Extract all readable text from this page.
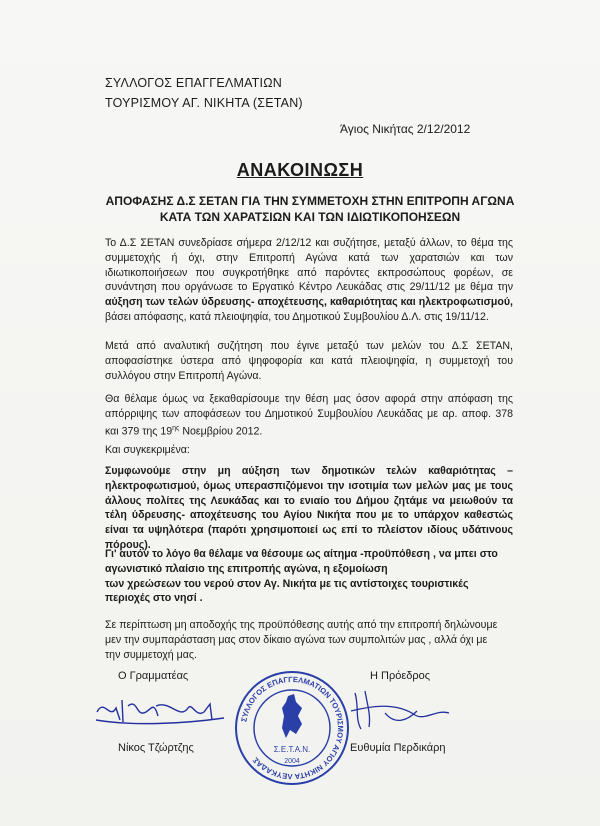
ΣΥΛΛΟΓΟΣ ΕΠΑΓΓΕΛΜΑΤΙΩΝ
ΤΟΥΡΙΣΜΟΥ ΑΓ. ΝΙΚΗΤΑ (ΣΕΤΑΝ)
Άγιος Νικήτας 2/12/2012
ΑΝΑΚΟΙΝΩΣΗ
ΑΠΟΦΑΣΗΣ Δ.Σ ΣΕΤΑΝ ΓΙΑ ΤΗΝ ΣΥΜΜΕΤΟΧΗ ΣΤΗΝ ΕΠΙΤΡΟΠΗ ΑΓΩΝΑ
ΚΑΤΑ ΤΩΝ ΧΑΡΑΤΣΙΩΝ ΚΑΙ ΤΩΝ ΙΔΙΩΤΙΚΟΠΟΗΣΕΩΝ
Το Δ.Σ ΣΕΤΑΝ συνεδρίασε σήμερα 2/12/12 και συζήτησε, μεταξύ άλλων, το θέμα της συμμετοχής ή όχι, στην Επιτροπή Αγώνα κατά των χαρατσιών και των ιδιωτικοποιήσεων που συγκροτήθηκε από παρόντες εκπροσώπους φορέων, σε συνάντηση που οργάνωσε το Εργατικό Κέντρο Λευκάδας στις 29/11/12 με θέμα την αύξηση των τελών ύδρευσης- αποχέτευσης, καθαριότητας και ηλεκτροφωτισμού, βάσει απόφασης, κατά πλειοψηφία, του Δημοτικού Συμβουλίου Δ.Λ. στις 19/11/12.
Μετά από αναλυτική συζήτηση που έγινε μεταξύ των μελών του Δ.Σ ΣΕΤΑΝ, αποφασίστηκε ύστερα από ψηφοφορία και κατά πλειοψηφία, η συμμετοχή του συλλόγου στην Επιτροπή Αγώνα.
Θα θέλαμε όμως να ξεκαθαρίσουμε την θέση μας όσον αφορά στην απόφαση της απόρριψης των αποφάσεων του Δημοτικού Συμβουλίου Λευκάδας με αρ. αποφ. 378 και 379 της $19^{\eta\varsigma}$ Νοεμβρίου 2012.
Και συγκεκριμένα:
Συμφωνούμε στην μη αύξηση των δημοτικών τελών καθαριότητας – ηλεκτροφωτισμού, όμως υπερασπιζόμενοι την ισοτιμία των μελών μας με τους άλλους πολίτες της Λευκάδας και το ενιαίο του Δήμου ζητάμε να μειωθούν τα τέλη ύδρευσης- αποχέτευσης του Αγίου Νικήτα που με το υπάρχον καθεστώς είναι τα υψηλότερα (παρότι χρησιμοποιεί ως επί το πλείστον ιδίους υδάτινους πόρους).
Γι' αυτόν το λόγο θα θέλαμε να θέσουμε ως αίτημα -προϋπόθεση , να μπει στο
αγωνιστικό πλαίσιο της επιτροπής αγώνα, η εξομοίωση
των χρεώσεων του νερού στον Αγ. Νικήτα με τις αντίστοιχες τουριστικές
περιοχές στο νησί .
Σε περίπτωση μη αποδοχής της προϋπόθεσης αυτής από την επιτροπή δηλώνουμε
μεν την συμπαράσταση μας στον δίκαιο αγώνα των συμπολιτών μας , αλλά όχι με
την συμμετοχή μας.
Ο Γραμματέας	Η Πρόεδρος
ΣΥΛΛΟΓΟΣ ΕΠΑΓΓΕΛΜΑΤΙΩΝ ΤΟΥΡΙΣΜΟΥ ΑΓΙΟΥ ΝΙΚΗΤΑ ΛΕΥΚΑΔΑΣ
Σ.Ε.Τ.Α.Ν.
2004
Νίκος Τζώρτζης	Ευθυμία Περδικάρη
